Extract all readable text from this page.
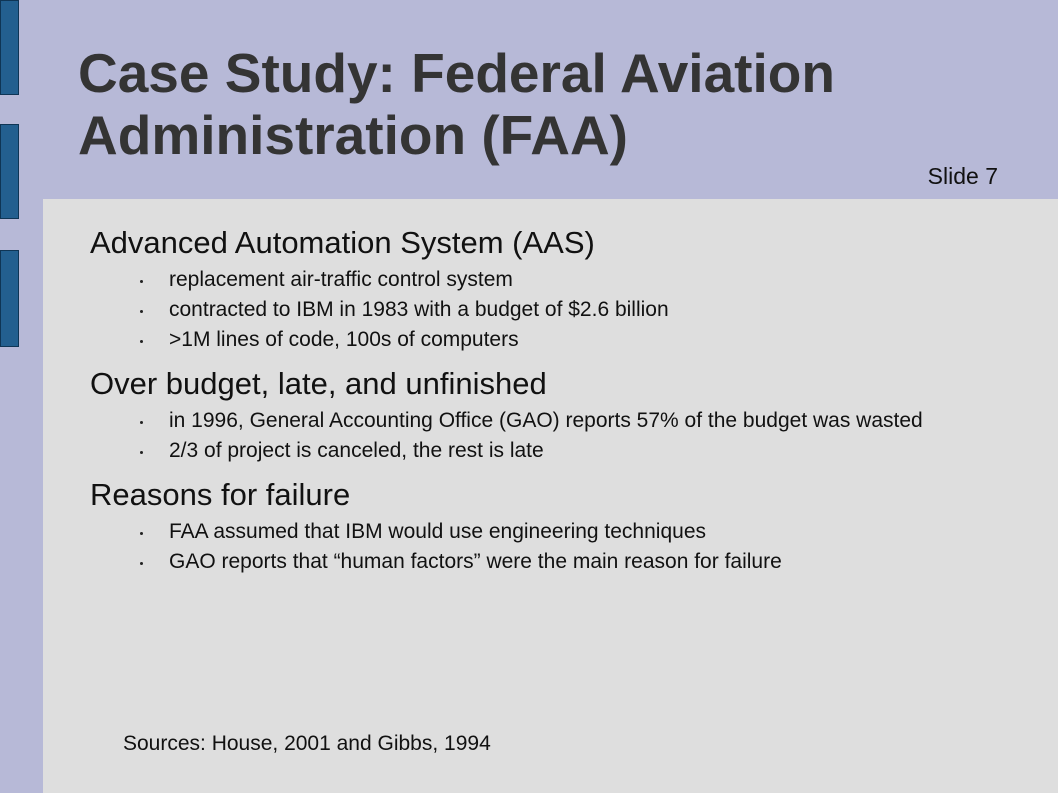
Case Study: Federal Aviation Administration (FAA)
Slide 7
Advanced Automation System (AAS)
replacement air-traffic control system
contracted to IBM in 1983 with a budget of $2.6 billion
>1M lines of code, 100s of computers
Over budget, late, and unfinished
in 1996, General Accounting Office (GAO) reports 57% of the budget was wasted
2/3 of project is canceled, the rest is late
Reasons for failure
FAA assumed that IBM would use engineering techniques
GAO reports that “human factors” were the main reason for failure
Sources: House, 2001 and Gibbs, 1994
